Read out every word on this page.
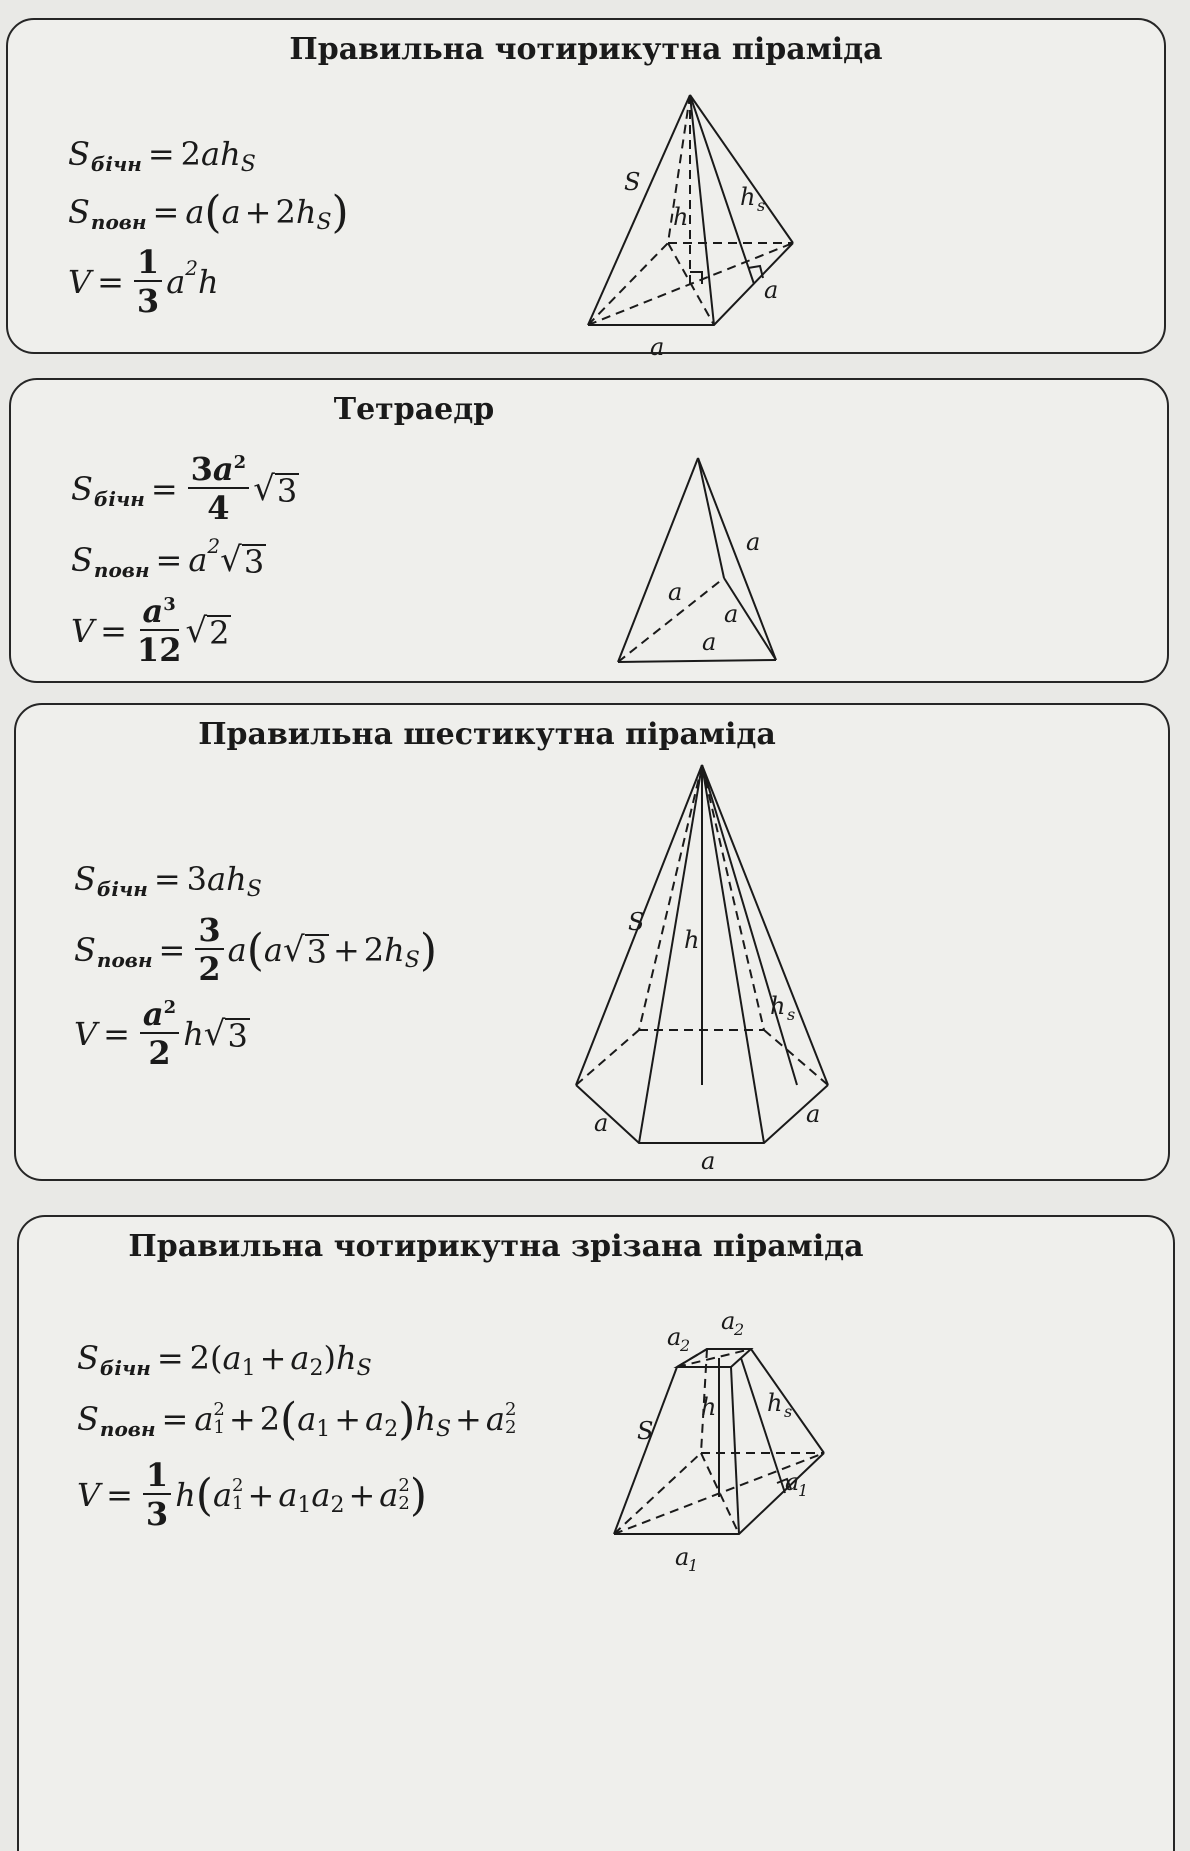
Правильна чотирикутна піраміда
S бічн = 2 ah S
S повн = a ( a + 2 h S )
$V = \frac{1}{3}$ a 2 h
S
h
h s
a
a
Тетраедр
S бічн = $\frac{3a^2}{4}$ √ 3
S повн = a 2 √ 3
$V = \frac{a^3}{12}$ √ 2
a
a
a
a
Правильна шестикутна піраміда
S бічн = 3 ah S
S повн = $\frac{3}{2}$ a ( a √ 3 + 2 h S )
$V = \frac{a^2}{2}$ h √ 3
S
h
h s
a	a
a
Правильна чотирикутна зрізана піраміда
S бічн = 2( a 1 + a 2 ) h S
S повн = a 2
1 + 2 ( a 1 + a 2 ) h S + a 2
2
$V = \frac{1}{3}$ h ( a 2
1 + a 1 a 2 + a 2
2 )
S
h h s
a
2
a
2
a
1
a
1
